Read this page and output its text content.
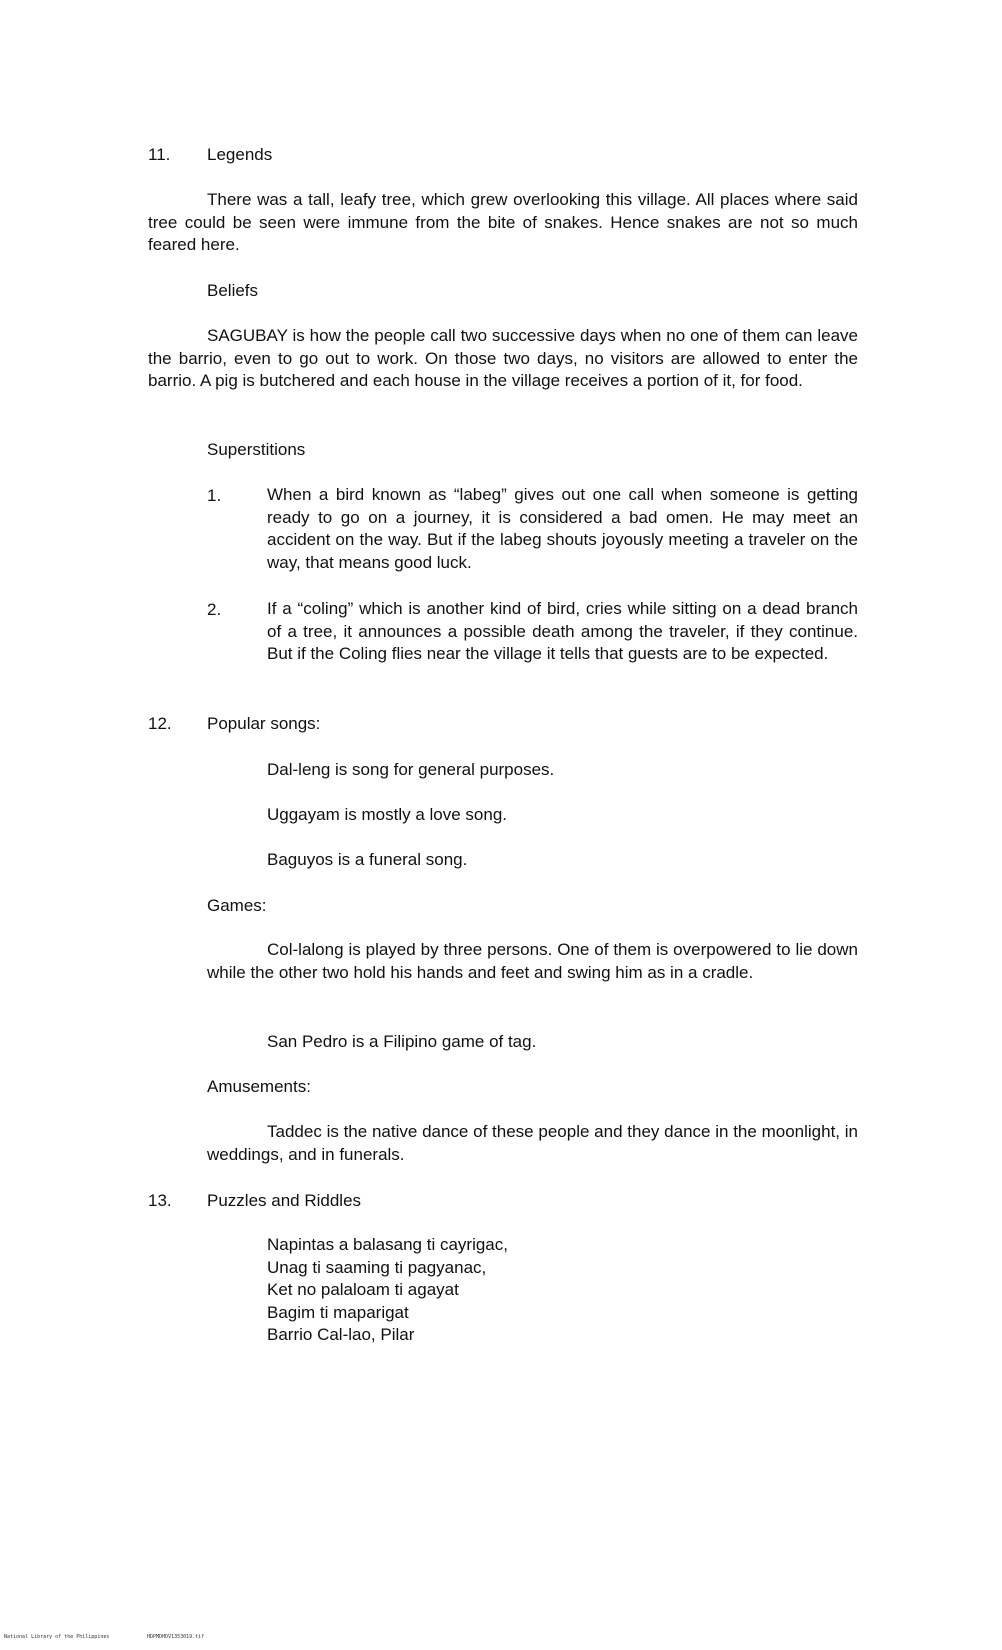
11. Legends

There was a tall, leafy tree, which grew overlooking this village. All places where said tree could be seen were immune from the bite of snakes. Hence snakes are not so much feared here.

Beliefs

SAGUBAY is how the people call two successive days when no one of them can leave the barrio, even to go out to work. On those two days, no visitors are allowed to enter the barrio. A pig is butchered and each house in the village receives a portion of it, for food.

Superstitions
1.	When a bird known as “labeg” gives out one call when someone is getting ready to go on a journey, it is considered a bad omen. He may meet an accident on the way. But if the labeg shouts joyously meeting a traveler on the way, that means good luck.

2.	If a “coling” which is another kind of bird, cries while sitting on a dead branch of a tree, it announces a possible death among the traveler, if they continue. But if the Coling flies near the village it tells that guests are to be expected.

12. Popular songs:
Dal-leng is song for general purposes.
Uggayam is mostly a love song.
Baguyos is a funeral song.
Games:

Col-lalong is played by three persons. One of them is overpowered to lie down while the other two hold his hands and feet and swing him as in a cradle.

San Pedro is a Filipino game of tag.
Amusements:

Taddec is the native dance of these people and they dance in the moonlight, in weddings, and in funerals.

13. Puzzles and Riddles
Napintas a balasang ti cayrigac,
Unag ti saaming ti pagyanac,
Ket no palaloam ti agayat
Bagim ti maparigat
Barrio Cal-lao, Pilar
National Library of the Philippines	HDPMDHDV1353019.tif
